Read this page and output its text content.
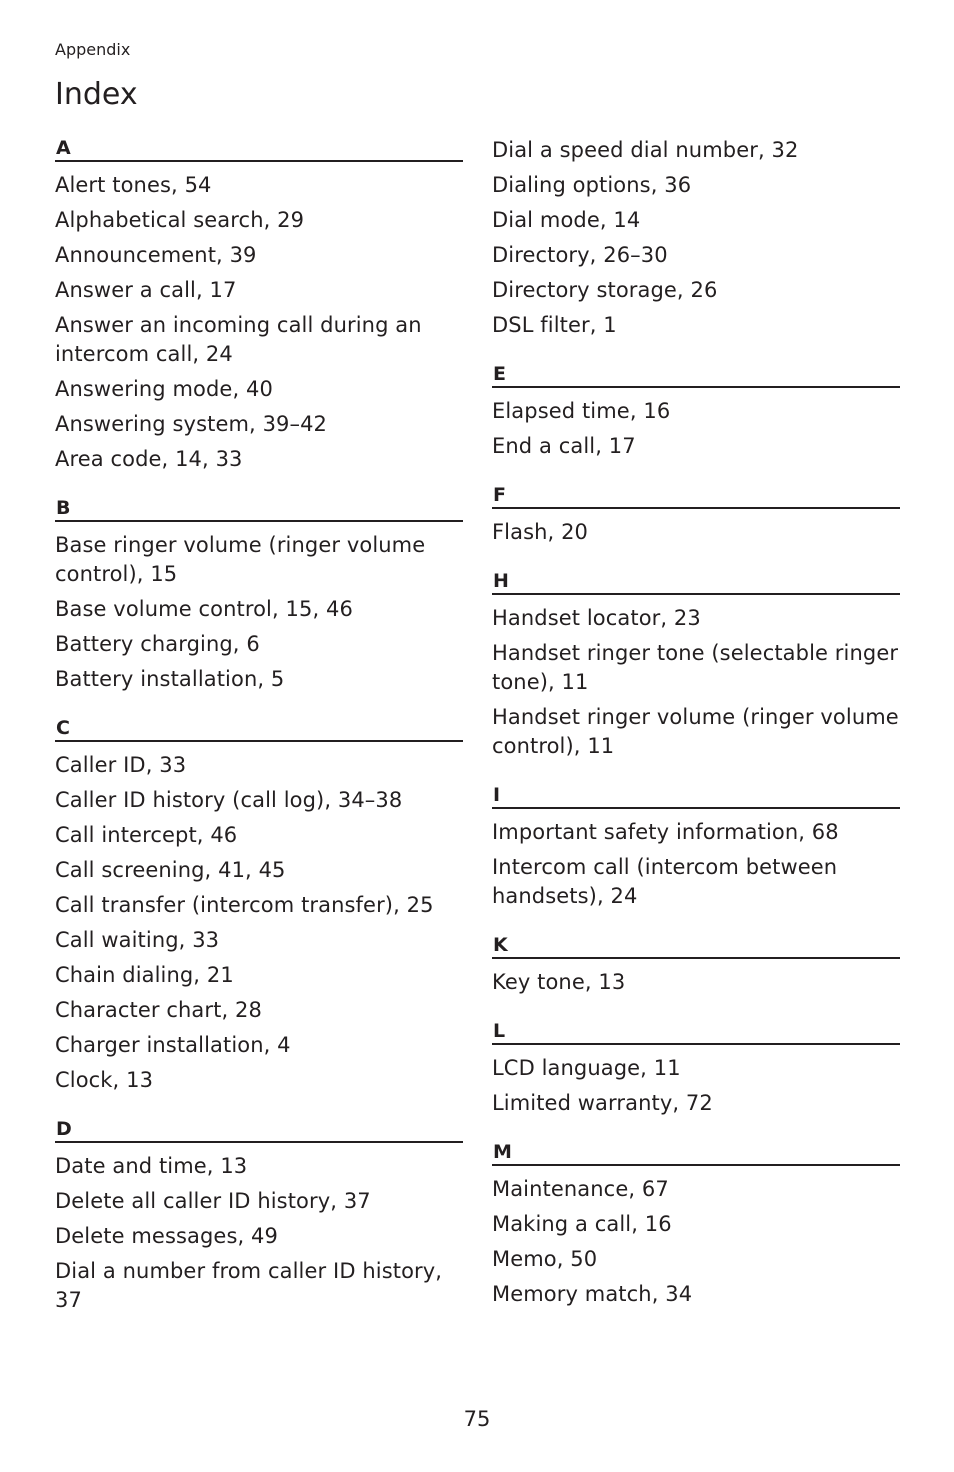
Appendix
Index
A
Alert tones, 54
Alphabetical search, 29
Announcement, 39
Answer a call, 17
Answer an incoming call during an intercom call, 24
Answering mode, 40
Answering system, 39–42
Area code, 14, 33
B
Base ringer volume (ringer volume control), 15
Base volume control, 15, 46
Battery charging, 6
Battery installation, 5
C
Caller ID, 33
Caller ID history (call log), 34–38
Call intercept, 46
Call screening, 41, 45
Call transfer (intercom transfer), 25
Call waiting, 33
Chain dialing, 21
Character chart, 28
Charger installation, 4
Clock, 13
D
Date and time, 13
Delete all caller ID history, 37
Delete messages, 49
Dial a number from caller ID history, 37
Dial a speed dial number, 32
Dialing options, 36
Dial mode, 14
Directory, 26–30
Directory storage, 26
DSL filter, 1
E
Elapsed time, 16
End a call, 17
F
Flash, 20
H
Handset locator, 23
Handset ringer tone (selectable ringer tone), 11
Handset ringer volume (ringer volume control), 11
I
Important safety information, 68
Intercom call (intercom between handsets), 24
K
Key tone, 13
L
LCD language, 11
Limited warranty, 72
M
Maintenance, 67
Making a call, 16
Memo, 50
Memory match, 34
75
